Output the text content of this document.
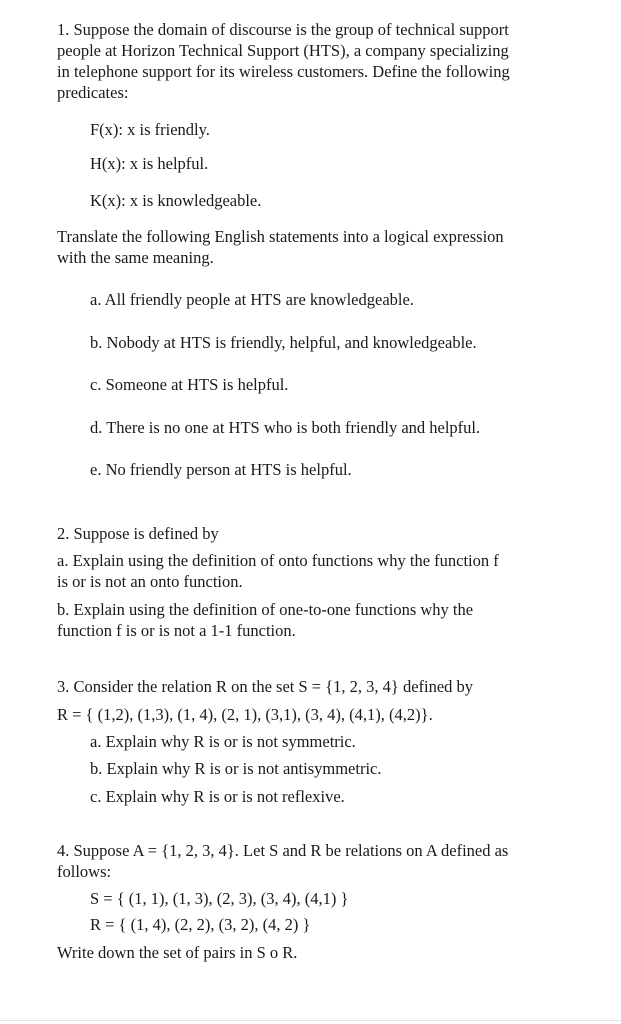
1. Suppose the domain of discourse is the group of technical support

people at Horizon Technical Support (HTS), a company specializing

in telephone support for its wireless customers. Define the following

predicates:

F(x): x is friendly.

H(x): x is helpful.

K(x): x is knowledgeable.

Translate the following English statements into a logical expression

with the same meaning.

a. All friendly people at HTS are knowledgeable.

b. Nobody at HTS is friendly, helpful, and knowledgeable.

c. Someone at HTS is helpful.

d. There is no one at HTS who is both friendly and helpful.

e. No friendly person at HTS is helpful.

2. Suppose is defined by

a. Explain using the definition of onto functions why the function f

is or is not an onto function.

b. Explain using the definition of one-to-one functions why the

function f is or is not a 1-1 function.

3. Consider the relation R on the set S = {1, 2, 3, 4} defined by

R = { (1,2), (1,3), (1, 4), (2, 1), (3,1), (3, 4), (4,1), (4,2)}.

a. Explain why R is or is not symmetric.

b. Explain why R is or is not antisymmetric.

c. Explain why R is or is not reflexive.

4. Suppose A = {1, 2, 3, 4}. Let S and R be relations on A defined as

follows:

S = { (1, 1), (1, 3), (2, 3), (3, 4), (4,1) }

R = { (1, 4), (2, 2), (3, 2), (4, 2) }

Write down the set of pairs in S o R.
